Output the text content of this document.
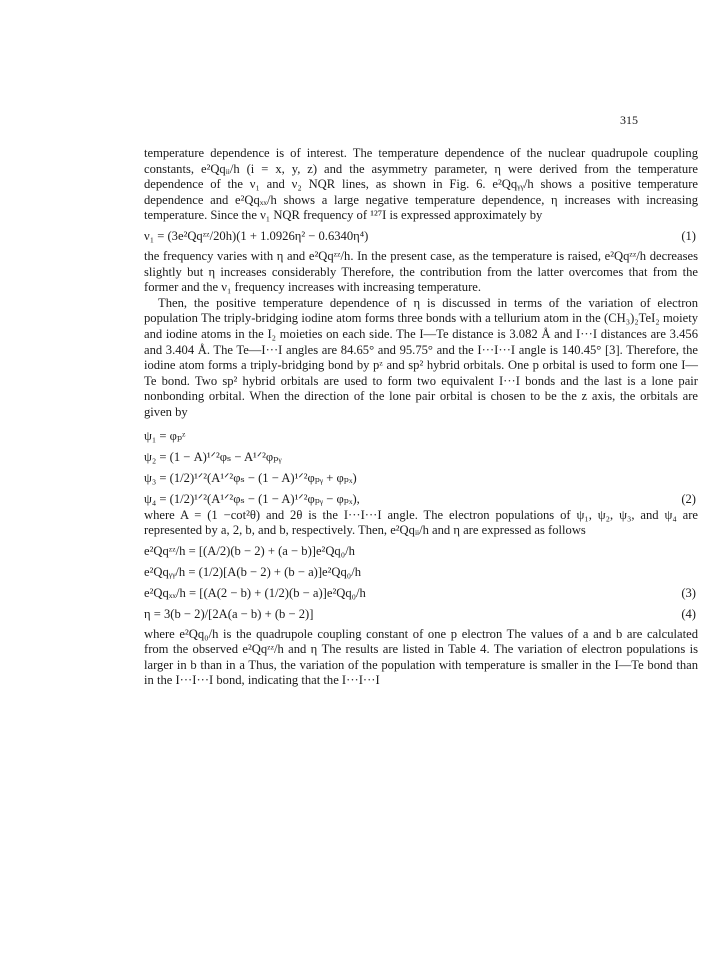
315

temperature dependence is of interest. The temperature dependence of the nuclear quadrupole coupling constants, e²Qqᵢᵢ/h (i = x, y, z) and the asymmetry parameter, η were derived from the temperature dependence of the ν₁ and ν₂ NQR lines, as shown in Fig. 6. e²Qqᵧᵧ/h shows a positive temperature dependence and e²Qqₓₓ/h shows a large negative temperature dependence, η increases with increasing temperature. Since the ν₁ NQR frequency of ¹²⁷I is expressed approximately by

ν₁ = (3e²Qqᶻᶻ/20h)(1 + 1.0926η² − 0.6340η⁴)	(1)

the frequency varies with η and e²Qqᶻᶻ/h. In the present case, as the temperature is raised, e²Qqᶻᶻ/h decreases slightly but η increases considerably Therefore, the contribution from the latter overcomes that from the former and the ν₁ frequency increases with increasing temperature.

Then, the positive temperature dependence of η is discussed in terms of the variation of electron population The triply-bridging iodine atom forms three bonds with a tellurium atom in the (CH₃)₂TeI₂ moiety and iodine atoms in the I₂ moieties on each side. The I—Te distance is 3.082 Å and I···I distances are 3.456 and 3.404 Å. The Te—I···I angles are 84.65° and 95.75° and the I···I···I angle is 140.45° [3]. Therefore, the iodine atom forms a triply-bridging bond by pᶻ and sp² hybrid orbitals. One p orbital is used to form one I—Te bond. Two sp² hybrid orbitals are used to form two equivalent I···I bonds and the last is a lone pair nonbonding orbital. When the direction of the lone pair orbital is chosen to be the z axis, the orbitals are given by

ψ₁ = φₚᶻ
ψ₂ = (1 − A)¹ᐟ²φₛ − A¹ᐟ²φₚᵧ
ψ₃ = (1/2)¹ᐟ²(A¹ᐟ²φₛ − (1 − A)¹ᐟ²φₚᵧ + φₚₓ)
ψ₄ = (1/2)¹ᐟ²(A¹ᐟ²φₛ − (1 − A)¹ᐟ²φₚᵧ − φₚₓ),	(2)

where A = (1 −cot²θ) and 2θ is the I···I···I angle. The electron populations of ψ₁, ψ₂, ψ₃, and ψ₄ are represented by a, 2, b, and b, respectively. Then, e²Qqᵢᵢ/h and η are expressed as follows

e²Qqᶻᶻ/h = [(A/2)(b − 2) + (a − b)]e²Qq₀/h
e²Qqᵧᵧ/h = (1/2)[A(b − 2) + (b − a)]e²Qq₀/h
e²Qqₓₓ/h = [(A(2 − b) + (1/2)(b − a)]e²Qq₀/h	(3)
η = 3(b − 2)/[2A(a − b) + (b − 2)]	(4)

where e²Qq₀/h is the quadrupole coupling constant of one p electron The values of a and b are calculated from the observed e²Qqᶻᶻ/h and η The results are listed in Table 4. The variation of electron populations is larger in b than in a Thus, the variation of the population with temperature is smaller in the I—Te bond than in the I···I···I bond, indicating that the I···I···I
